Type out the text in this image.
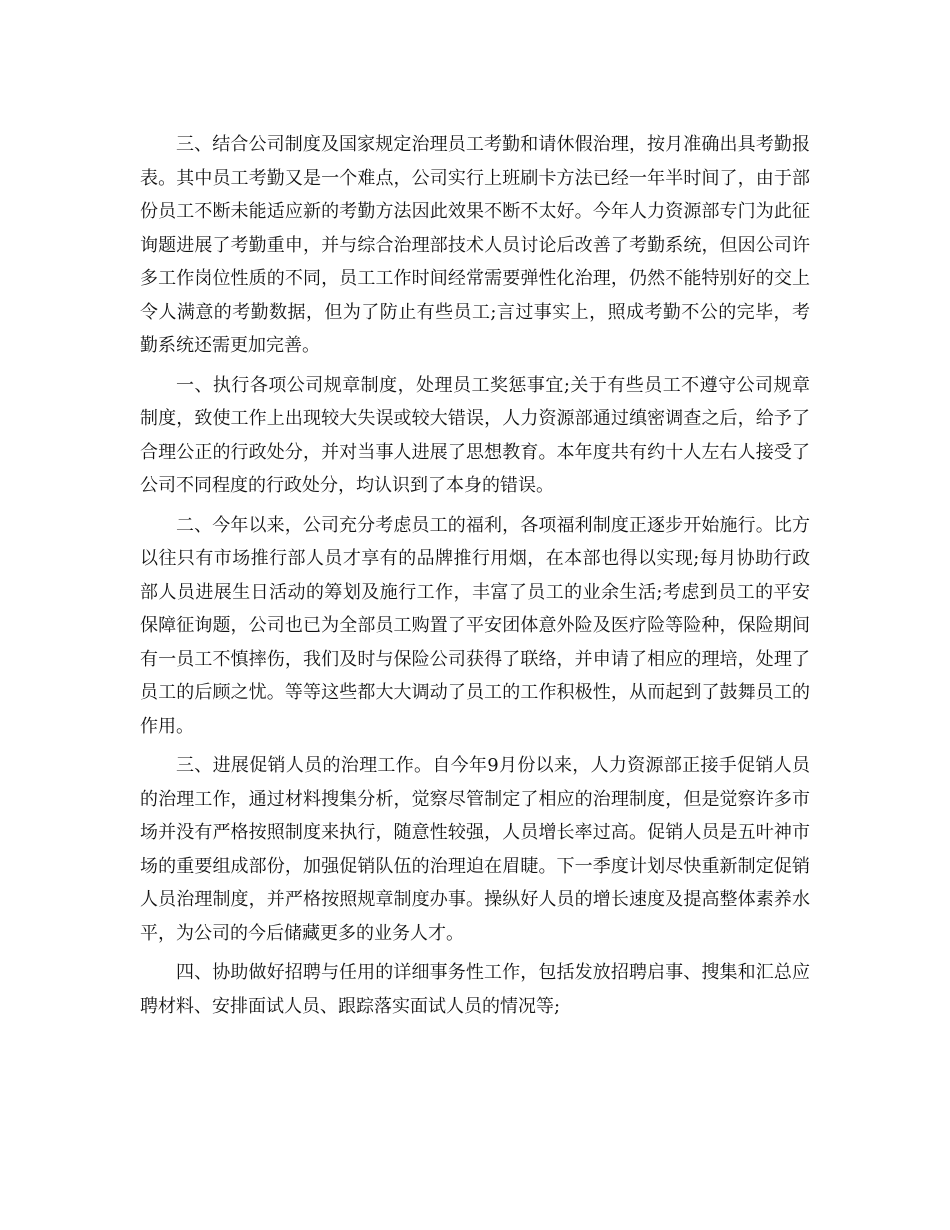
三、结合公司制度及国家规定治理员工考勤和请休假治理，按月准确出具考勤报表。其中员工考勤又是一个难点，公司实行上班刷卡方法已经一年半时间了，由于部份员工不断未能适应新的考勤方法因此效果不断不太好。今年人力资源部专门为此征询题进展了考勤重申，并与综合治理部技术人员讨论后改善了考勤系统，但因公司许多工作岗位性质的不同，员工工作时间经常需要弹性化治理，仍然不能特别好的交上令人满意的考勤数据，但为了防止有些员工;言过事实上，照成考勤不公的完毕，考勤系统还需更加完善。

一、执行各项公司规章制度，处理员工奖惩事宜;关于有些员工不遵守公司规章制度，致使工作上出现较大失误或较大错误，人力资源部通过缜密调查之后，给予了合理公正的行政处分，并对当事人进展了思想教育。本年度共有约十人左右人接受了公司不同程度的行政处分，均认识到了本身的错误。

二、今年以来，公司充分考虑员工的福利，各项福利制度正逐步开始施行。比方以往只有市场推行部人员才享有的品牌推行用烟，在本部也得以实现;每月协助行政部人员进展生日活动的筹划及施行工作，丰富了员工的业余生活;考虑到员工的平安保障征询题，公司也已为全部员工购置了平安团体意外险及医疗险等险种，保险期间有一员工不慎摔伤，我们及时与保险公司获得了联络，并申请了相应的理培，处理了员工的后顾之忧。等等这些都大大调动了员工的工作积极性，从而起到了鼓舞员工的作用。

三、进展促销人员的治理工作。自今年9月份以来，人力资源部正接手促销人员的治理工作，通过材料搜集分析，觉察尽管制定了相应的治理制度，但是觉察许多市场并没有严格按照制度来执行，随意性较强，人员增长率过高。促销人员是五叶神市场的重要组成部份，加强促销队伍的治理迫在眉睫。下一季度计划尽快重新制定促销人员治理制度，并严格按照规章制度办事。操纵好人员的增长速度及提高整体素养水平，为公司的今后储藏更多的业务人才。

四、协助做好招聘与任用的详细事务性工作，包括发放招聘启事、搜集和汇总应聘材料、安排面试人员、跟踪落实面试人员的情况等;
